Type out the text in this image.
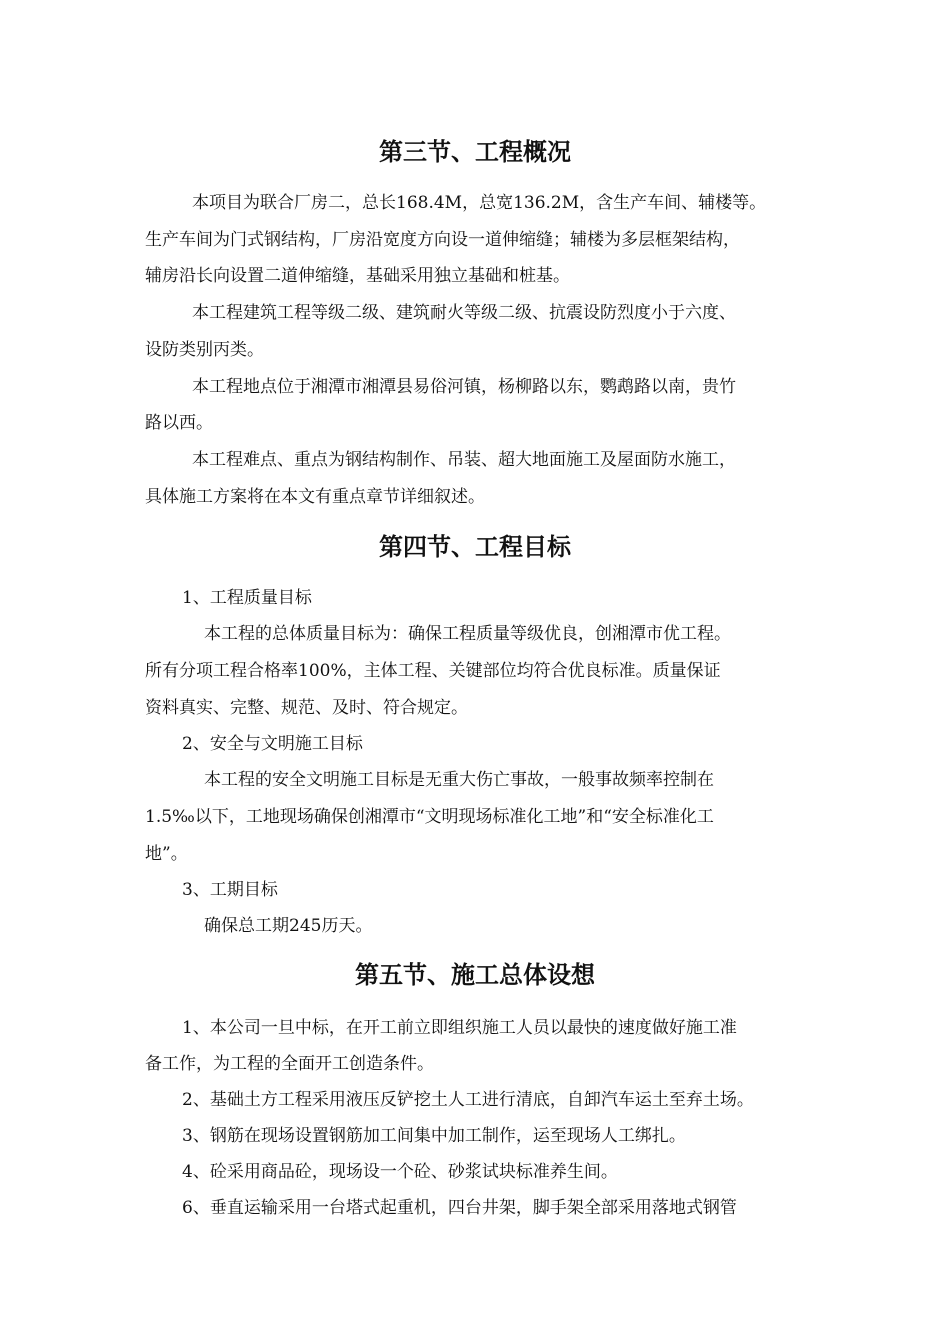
第三节、工程概况

本项目为联合厂房二，总长168.4M，总宽136.2M，含生产车间、辅楼等。

生产车间为门式钢结构，厂房沿宽度方向设一道伸缩缝；辅楼为多层框架结构，

辅房沿长向设置二道伸缩缝，基础采用独立基础和桩基。

本工程建筑工程等级二级、建筑耐火等级二级、抗震设防烈度小于六度、

设防类别丙类。

本工程地点位于湘潭市湘潭县易俗河镇，杨柳路以东，鹦鹉路以南，贵竹

路以西。

本工程难点、重点为钢结构制作、吊装、超大地面施工及屋面防水施工，

具体施工方案将在本文有重点章节详细叙述。

第四节、工程目标

1、工程质量目标

本工程的总体质量目标为：确保工程质量等级优良，创湘潭市优工程。

所有分项工程合格率100%，主体工程、关键部位均符合优良标准。质量保证

资料真实、完整、规范、及时、符合规定。

2、安全与文明施工目标

本工程的安全文明施工目标是无重大伤亡事故，一般事故频率控制在

1.5‰以下，工地现场确保创湘潭市“文明现场标准化工地”和“安全标准化工

地”。

3、工期目标

确保总工期245历天。

第五节、施工总体设想

1、本公司一旦中标，在开工前立即组织施工人员以最快的速度做好施工准

备工作，为工程的全面开工创造条件。

2、基础土方工程采用液压反铲挖土人工进行清底，自卸汽车运土至弃土场。

3、钢筋在现场设置钢筋加工间集中加工制作，运至现场人工绑扎。

4、砼采用商品砼，现场设一个砼、砂浆试块标准养生间。

6、垂直运输采用一台塔式起重机，四台井架，脚手架全部采用落地式钢管
